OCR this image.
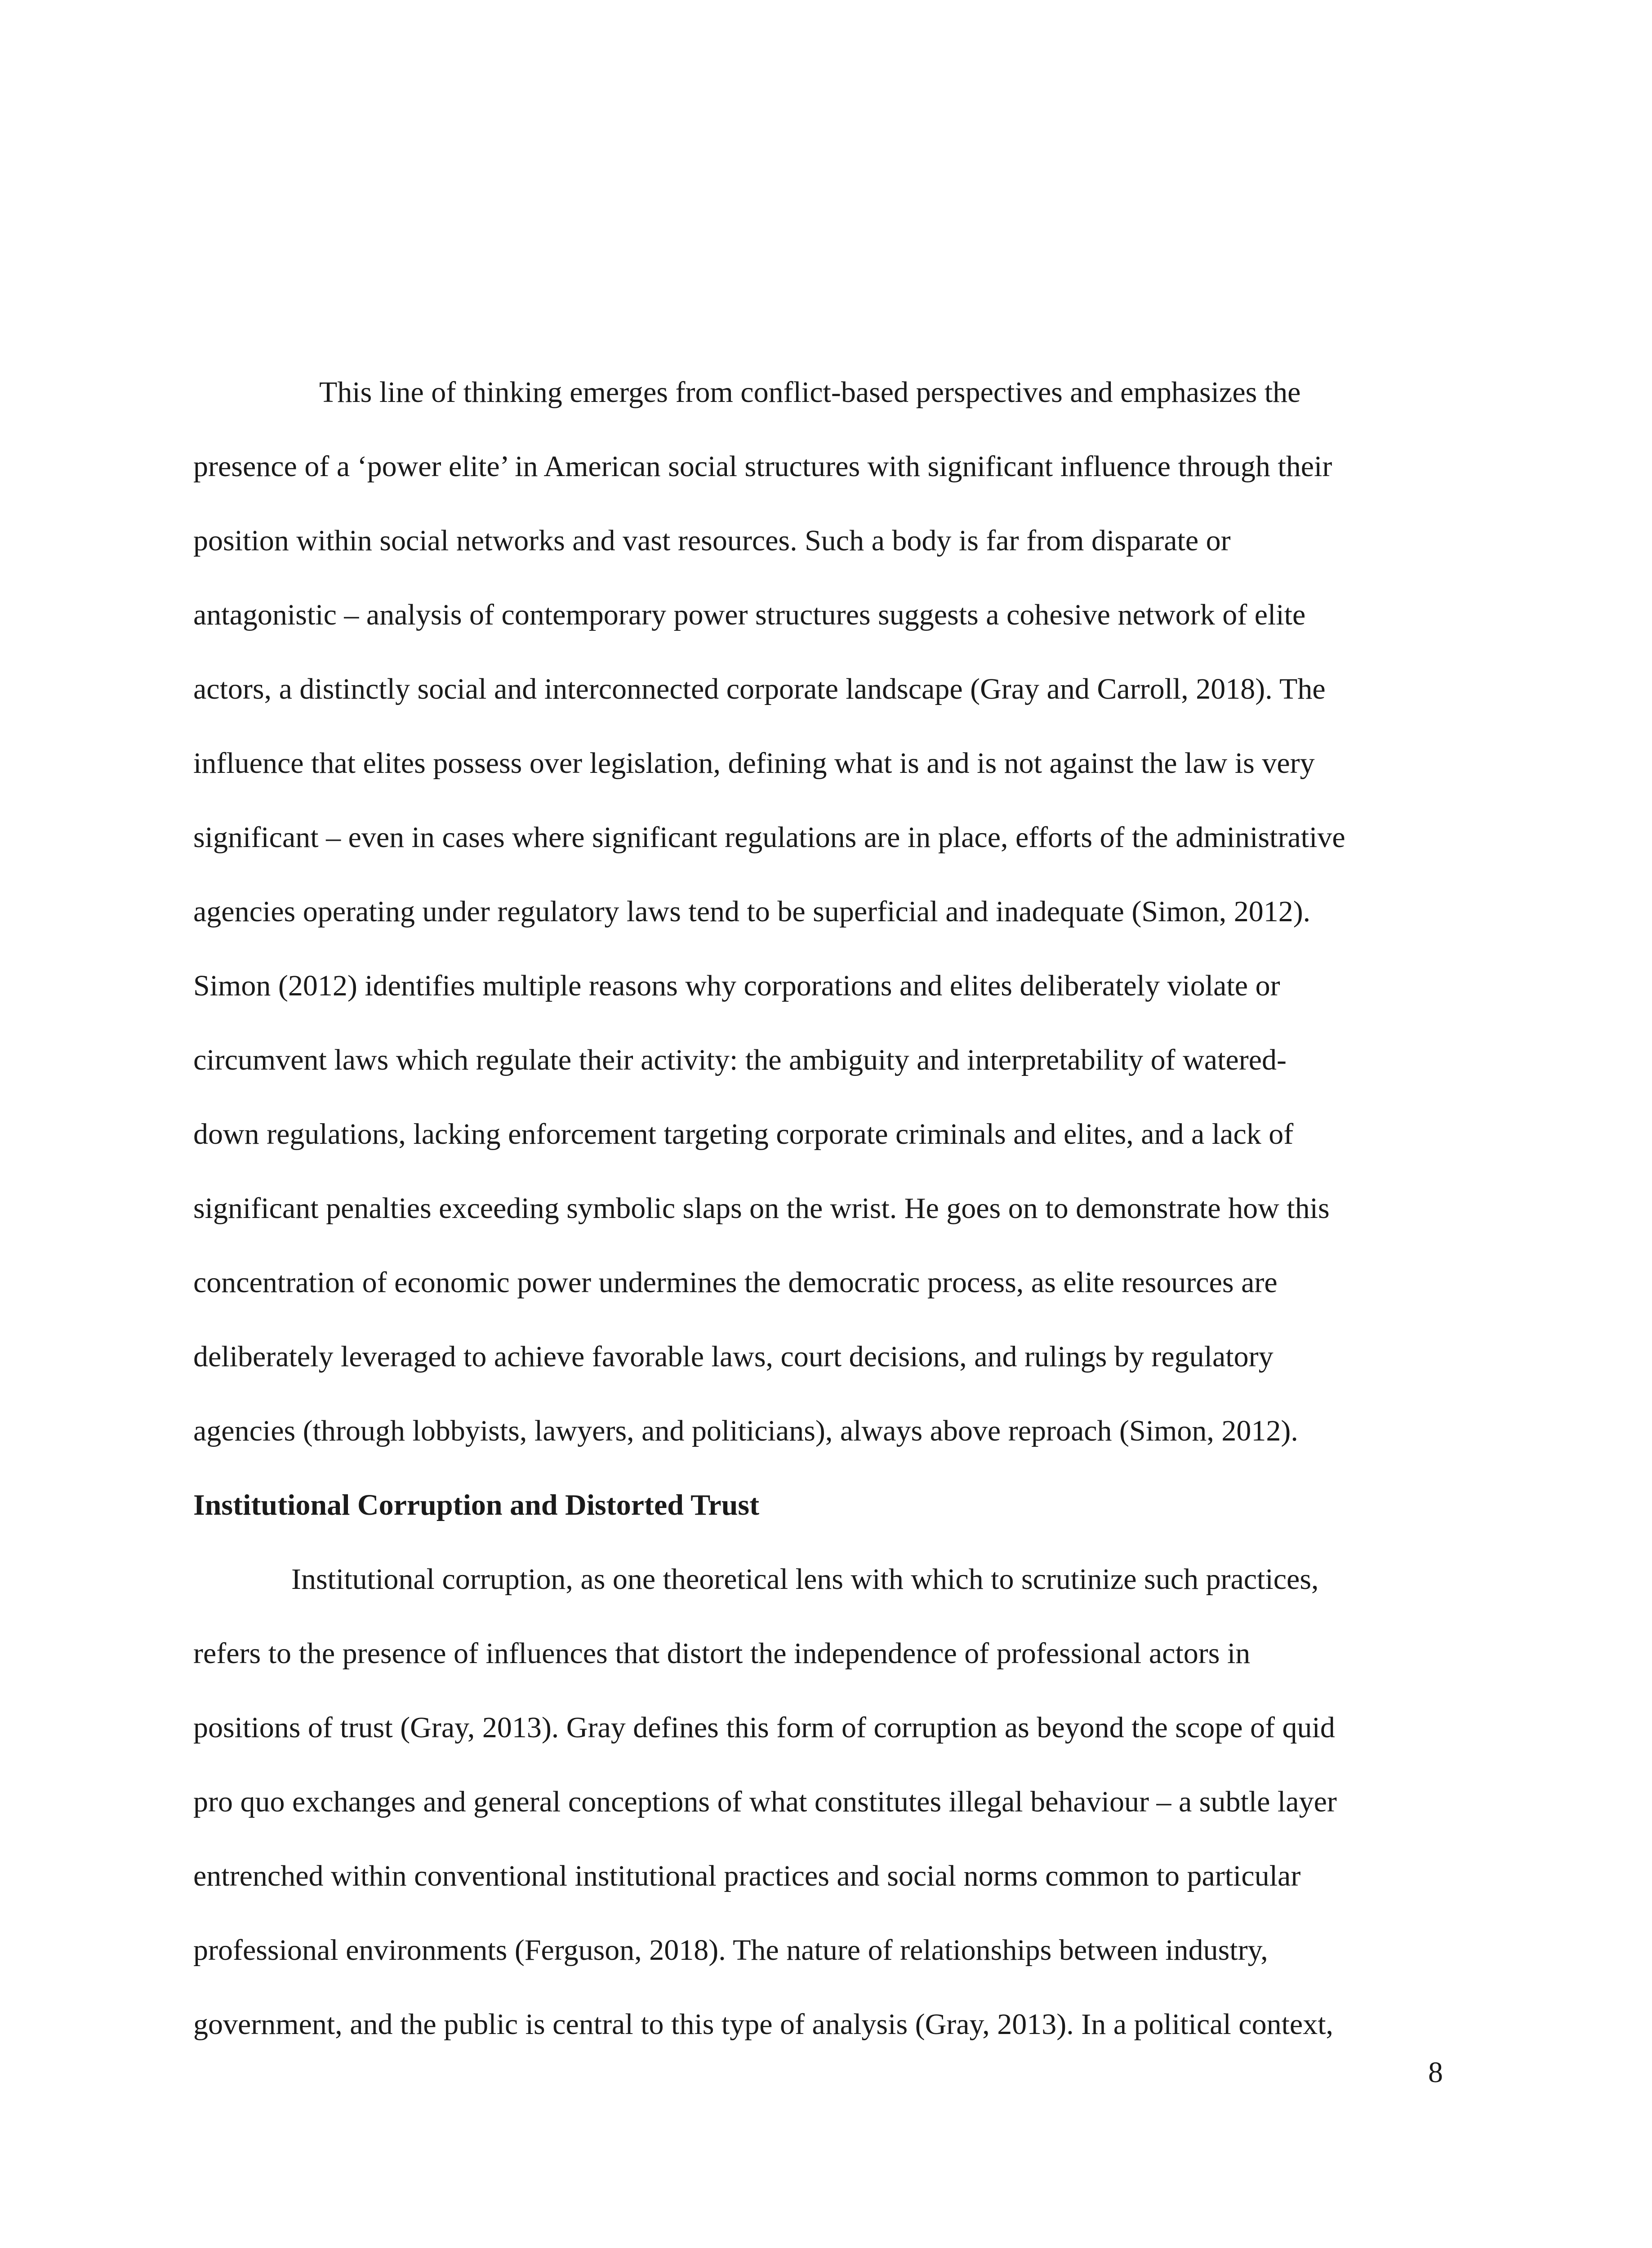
This line of thinking emerges from conflict-based perspectives and emphasizes the
presence of a ‘power elite’ in American social structures with significant influence through their
position within social networks and vast resources. Such a body is far from disparate or
antagonistic – analysis of contemporary power structures suggests a cohesive network of elite
actors, a distinctly social and interconnected corporate landscape (Gray and Carroll, 2018). The
influence that elites possess over legislation, defining what is and is not against the law is very
significant – even in cases where significant regulations are in place, efforts of the administrative
agencies operating under regulatory laws tend to be superficial and inadequate (Simon, 2012).
Simon (2012) identifies multiple reasons why corporations and elites deliberately violate or
circumvent laws which regulate their activity: the ambiguity and interpretability of watered-
down regulations, lacking enforcement targeting corporate criminals and elites, and a lack of
significant penalties exceeding symbolic slaps on the wrist. He goes on to demonstrate how this
concentration of economic power undermines the democratic process, as elite resources are
deliberately leveraged to achieve favorable laws, court decisions, and rulings by regulatory
agencies (through lobbyists, lawyers, and politicians), always above reproach (Simon, 2012).
Institutional Corruption and Distorted Trust
Institutional corruption, as one theoretical lens with which to scrutinize such practices,
refers to the presence of influences that distort the independence of professional actors in
positions of trust (Gray, 2013). Gray defines this form of corruption as beyond the scope of quid
pro quo exchanges and general conceptions of what constitutes illegal behaviour – a subtle layer
entrenched within conventional institutional practices and social norms common to particular
professional environments (Ferguson, 2018). The nature of relationships between industry,
government, and the public is central to this type of analysis (Gray, 2013). In a political context,
8
